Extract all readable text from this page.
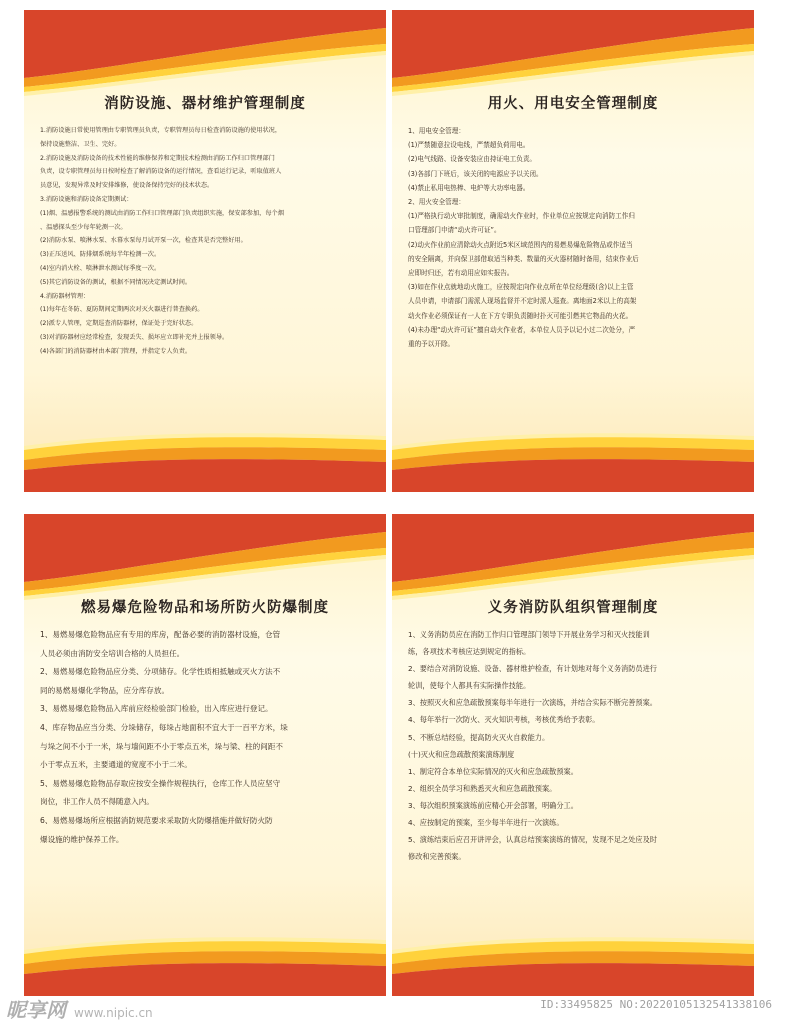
消防设施、器材维护管理制度

1.消防设施日常使用管理由专职管理员负责，专职管理员每日检查消防设施的使用状况，

保持设施整洁、卫生、完好。

2.消防设施及消防设备的技术性能的维修保养和定期技术检测由消防工作归口管理部门

负责，设专职管理员每日按时检查了解消防设备的运行情况，查看运行记录，听取值班人

员意见，发现异常及时安排维修，使设备保持完好的技术状态。

3.消防设施和消防设备定期测试：

(1)烟、温感报警系统的测试由消防工作归口管理部门负责组织实施，保安部参加，每个烟

、温感探头至少每年轮测一次。

(2)消防水泵、喷淋水泵、水幕水泵每月试开泵一次，检查其是否完整好用。

(3)正压送风、防排烟系统每半年检测一次。

(4)室内消火栓、喷淋泄水测试每季度一次。

(5)其它消防设备的测试，根据不同情况决定测试时间。

4.消防器材管理：

(1)每年在冬防、夏防期间定期两次对灭火器进行普查换药。

(2)派专人管理，定期巡查消防器材，保证处于完好状态。

(3)对消防器材应经常检查，发现丢失、损坏应立即补充并上报领导。

(4)各部门的消防器材由本部门管理，并指定专人负责。

用火、用电安全管理制度

1、用电安全管理：

(1)严禁随意拉设电线，严禁超负荷用电。

(2)电气线路、设备安装应由持证电工负责。

(3)各部门下班后，该关闭的电源应予以关闭。

(4)禁止私用电热棒、电炉等大功率电器。

2、用火安全管理：

(1)严格执行动火审批制度，确需动火作业时，作业单位应按规定向消防工作归

口管理部门申请“动火许可证”。

(2)动火作业前应清除动火点附近5米区域范围内的易燃易爆危险物品或作适当

的安全隔离，并向保卫部借取适当种类、数量的灭火器材随时备用，结束作业后

应即时归还，若有动用应如实报告。

(3)如在作业点就地动火施工，应按规定向作业点所在单位经理级(含)以上主管

人员申请，申请部门需派人现场监督并不定时派人巡查。离地面2米以上的高架

动火作业必须保证有一人在下方专职负责随时扑灭可能引燃其它物品的火花。

(4)未办理“动火许可证”擅自动火作业者，本单位人员予以记小过二次处分，严

重的予以开除。

燃易爆危险物品和场所防火防爆制度

1、易燃易爆危险物品应有专用的库房，配备必要的消防器材设施，仓管

人员必须由消防安全培训合格的人员担任。

2、易燃易爆危险物品应分类、分项储存。化学性质相抵触或灭火方法不

同的易燃易爆化学物品，应分库存放。

3、易燃易爆危险物品入库前应经检验部门检验，出入库应进行登记。

4、库存物品应当分类、分垛储存，每垛占地面积不宜大于一百平方米，垛

与垛之间不小于一米，垛与墙间距不小于零点五米，垛与梁、柱的间距不

小于零点五米，主要通道的宽度不小于二米。

5、易燃易爆危险物品存取应按安全操作规程执行，仓库工作人员应坚守

岗位，非工作人员不得随意入内。

6、易燃易爆场所应根据消防规范要求采取防火防爆措施并做好防火防

爆设施的维护保养工作。

义务消防队组织管理制度

1、义务消防员应在消防工作归口管理部门领导下开展业务学习和灭火技能训

练，各项技术考核应达到规定的指标。

2、要结合对消防设施、设备、器材维护检查，有计划地对每个义务消防员进行

轮训，使每个人都具有实际操作技能。

3、按照灭火和应急疏散预案每半年进行一次演练，并结合实际不断完善预案。

4、每年举行一次防火、灭火知识考核，考核优秀给予表彰。

5、不断总结经验，提高防火灭火自救能力。

(十)灭火和应急疏散预案演练制度

1、制定符合本单位实际情况的灭火和应急疏散预案。

2、组织全员学习和熟悉灭火和应急疏散预案。

3、每次组织预案演练前应精心开会部署，明确分工。

4、应按制定的预案，至少每半年进行一次演练。

5、演练结束后应召开讲评会，认真总结预案演练的情况，发现不足之处应及时

修改和完善预案。

昵享网 www.nipic.cn
ID:33495825 NO:20220105132541338106
